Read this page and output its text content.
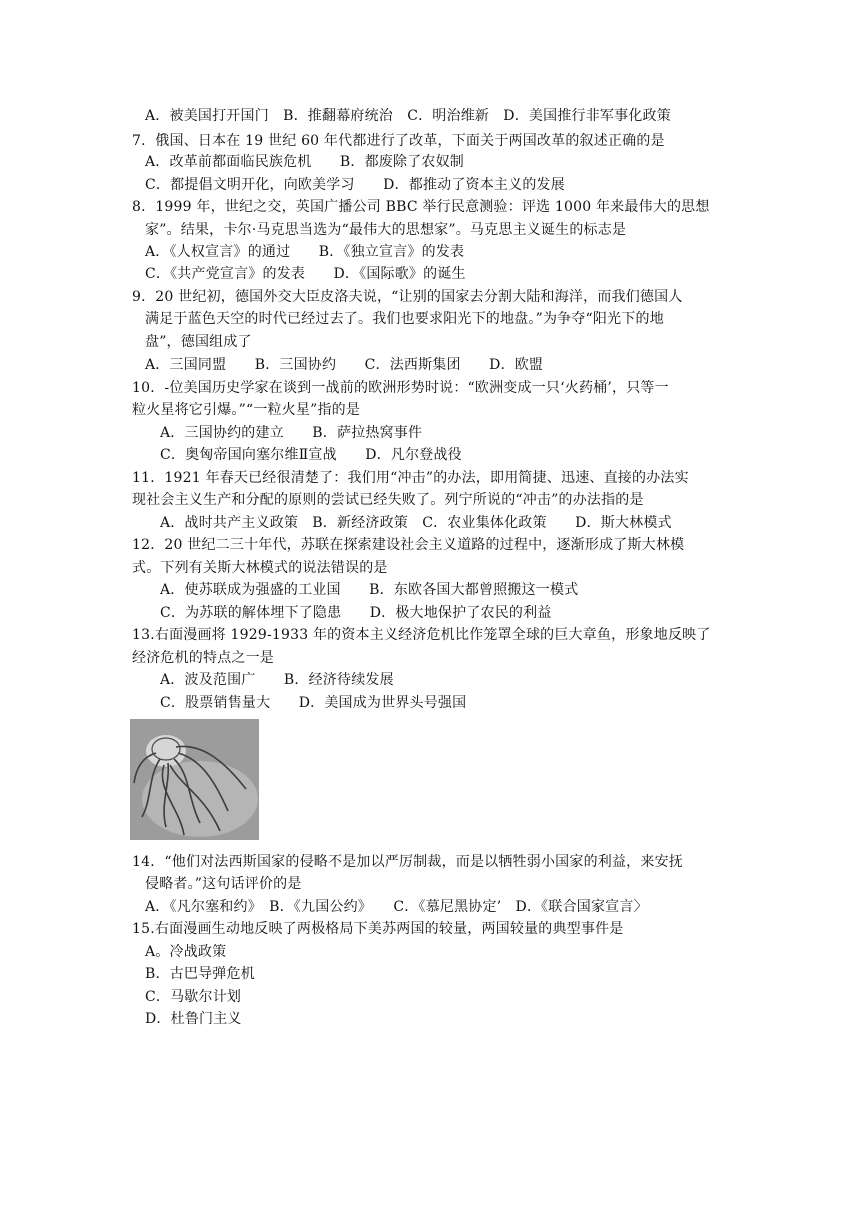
A．被美国打开国门　B．推翻幕府统治　C．明治维新　D．美国推行非军事化政策
7．俄国、日本在 19 世纪 60 年代都进行了改革，下面关于两国改革的叙述正确的是
A．改革前都面临民族危机　　B．都废除了农奴制
C．都提倡文明开化，向欧美学习　　D．都推动了资本主义的发展
8．1999 年，世纪之交，英国广播公司 BBC 举行民意测验：评选 1000 年来最伟大的思想
家”。结果，卡尔·马克思当选为“最伟大的思想家”。马克思主义诞生的标志是
A．《人权宣言》的通过　　B．《独立宣言》的发表
C．《共产党宣言》的发表　　D．《国际歌》的诞生
9．20 世纪初，德国外交大臣皮洛夫说，“让别的国家去分割大陆和海洋，而我们德国人
满足于蓝色天空的时代已经过去了。我们也要求阳光下的地盘。”为争夺“阳光下的地
盘”，德国组成了
A．三国同盟　　B．三国协约　　C．法西斯集团　　D．欧盟
10．-位美国历史学家在谈到一战前的欧洲形势时说：“欧洲变成一只‘火药桶’，只等一
粒火星将它引爆。”“一粒火星”指的是
A．三国协约的建立　　B．萨拉热窝事件
C．奥匈帝国向塞尔维Ⅱ宣战　　D．凡尔登战役
11．1921 年春天已经很清楚了：我们用“冲击”的办法，即用简捷、迅速、直接的办法实
现社会主义生产和分配的原则的尝试已经失败了。列宁所说的“冲击”的办法指的是
A．战时共产主义政策　B．新经济政策　C．农业集体化政策　　D．斯大林模式
12．20 世纪二三十年代，苏联在探索建设社会主义道路的过程中，逐渐形成了斯大林模
式。下列有关斯大林模式的说法错误的是
A．使苏联成为强盛的工业国　　B．东欧各国大都曾照搬这一模式
C．为苏联的解体埋下了隐患　　D．极大地保护了农民的利益
13.右面漫画将 1929-1933 年的资本主义经济危机比作笼罩全球的巨大章鱼，形象地反映了
经济危机的特点之一是
A．波及范围广　　B．经济待续发展
C．股票销售量大　　D．美国成为世界头号强国
14．“他们对法西斯国家的侵略不是加以严厉制裁，而是以牺牲弱小国家的利益，来安抚
侵略者。”这句话评价的是
A．《凡尔塞和约》　B．《九国公约》　　C．《慕尼黑协定’　D．《联合国家宣言〉
15.右面漫画生动地反映了两极格局下美苏两国的较量，两国较量的典型事件是
A。冷战政策
B．古巴导弹危机
C．马歇尔计划
D．杜鲁门主义
